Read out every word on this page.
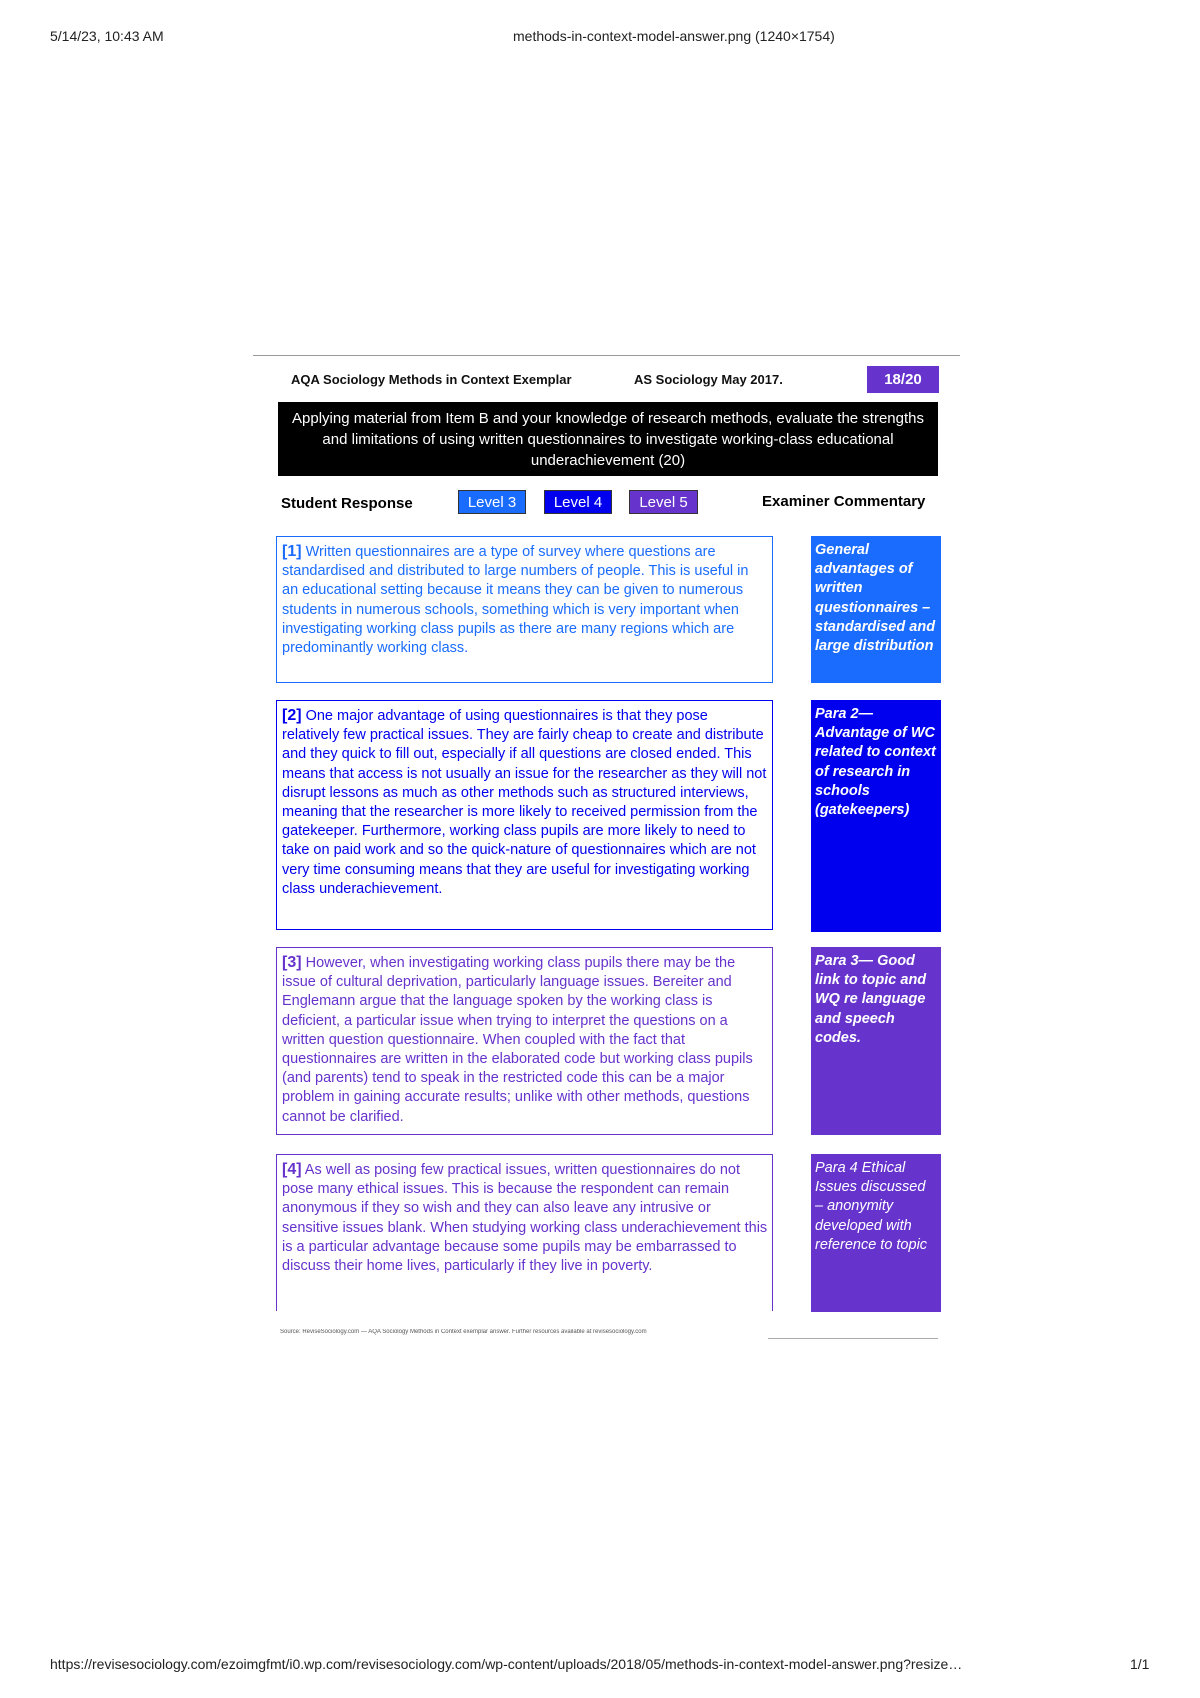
5/14/23, 10:43 AM	methods-in-context-model-answer.png (1240×1754)
AQA Sociology Methods in Context Exemplar	AS Sociology May 2017.	18/20
Applying material from Item B and your knowledge of research methods, evaluate the strengths and limitations of using written questionnaires to investigate working-class educational underachievement (20)
Student Response	Level 3	Level 4	Level 5	Examiner Commentary
[1] Written questionnaires are a type of survey where questions are standardised and distributed to large numbers of people. This is useful in an educational setting because it means they can be given to numerous students in numerous schools, something which is very important when investigating working class pupils as there are many regions which are predominantly working class.
[2] One major advantage of using questionnaires is that they pose relatively few practical issues. They are fairly cheap to create and distribute and they quick to fill out, especially if all questions are closed ended. This means that access is not usually an issue for the researcher as they will not disrupt lessons as much as other methods such as structured interviews, meaning that the researcher is more likely to received permission from the gatekeeper. Furthermore, working class pupils are more likely to need to take on paid work and so the quick-nature of questionnaires which are not very time consuming means that they are useful for investigating working class underachievement.
[3] However, when investigating working class pupils there may be the issue of cultural deprivation, particularly language issues. Bereiter and Englemann argue that the language spoken by the working class is deficient, a particular issue when trying to interpret the questions on a written question questionnaire. When coupled with the fact that questionnaires are written in the elaborated code but working class pupils (and parents) tend to speak in the restricted code this can be a major problem in gaining accurate results; unlike with other methods, questions cannot be clarified.
[4] As well as posing few practical issues, written questionnaires do not pose many ethical issues. This is because the respondent can remain anonymous if they so wish and they can also leave any intrusive or sensitive issues blank. When studying working class underachievement this is a particular advantage because some pupils may be embarrassed to discuss their home lives, particularly if they live in poverty.
General advantages of written questionnaires – standardised and large distribution
Para 2— Advantage of WC related to context of research in schools (gatekeepers)
Para 3— Good link to topic and WQ re language and speech codes.
Para 4 Ethical Issues discussed – anonymity developed with reference to topic
Source: ReviseSociology.com — AQA Sociology Methods in Context exemplar answer. Further resources available at revisesociology.com
https://revisesociology.com/ezoimgfmt/i0.wp.com/revisesociology.com/wp-content/uploads/2018/05/methods-in-context-model-answer.png?resize…	1/1
